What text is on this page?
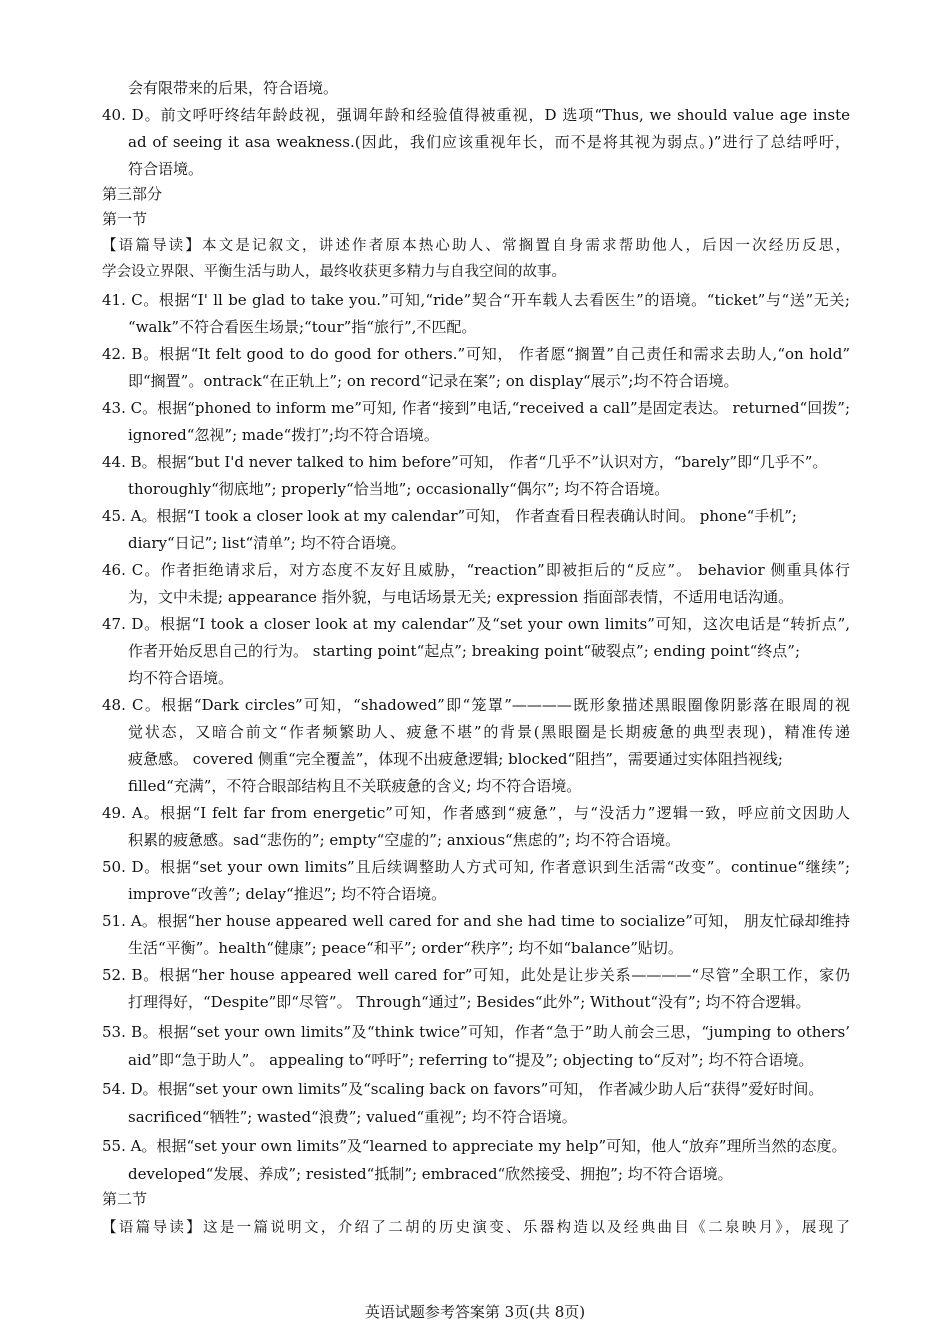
会有限带来的后果，符合语境。
40. D。前文呼吁终结年龄歧视，强调年龄和经验值得被重视，D 选项“Thus, we should value age inste
ad of seeing it asa weakness.(因此，我们应该重视年长，而不是将其视为弱点。)”进行了总结呼吁，
符合语境。
第三部分
第一节
【语篇导读】本文是记叙文，讲述作者原本热心助人、常搁置自身需求帮助他人，后因一次经历反思，
学会设立界限、平衡生活与助人，最终收获更多精力与自我空间的故事。
41. C。根据“I' ll be glad to take you.”可知,“ride”契合“开车载人去看医生”的语境。“ticket”与“送”无关;
“walk”不符合看医生场景;“tour”指“旅行”,不匹配。
42. B。根据“It felt good to do good for others.”可知， 作者愿“搁置”自己责任和需求去助人,“on hold”
即“搁置”。ontrack“在正轨上”; on record“记录在案”; on display“展示”;均不符合语境。
43. C。根据“phoned to inform me”可知, 作者“接到”电话,“received a call”是固定表达。 returned“回拨”;
ignored“忽视”; made“拨打”;均不符合语境。
44. B。根据“but I'd never talked to him before”可知， 作者“几乎不”认识对方，“barely”即“几乎不”。
thoroughly“彻底地”; properly“恰当地”; occasionally“偶尔”; 均不符合语境。
45. A。根据“I took a closer look at my calendar”可知， 作者查看日程表确认时间。 phone“手机”;
diary“日记”; list“清单”; 均不符合语境。
46. C。作者拒绝请求后，对方态度不友好且威胁，“reaction”即被拒后的“反应”。 behavior 侧重具体行
为，文中未提; appearance 指外貌，与电话场景无关; expression 指面部表情，不适用电话沟通。
47. D。根据“I took a closer look at my calendar”及“set your own limits”可知，这次电话是“转折点”,
作者开始反思自己的行为。 starting point“起点”; breaking point“破裂点”; ending point“终点”;
均不符合语境。
48. C。根据“Dark circles”可知，“shadowed”即“笼罩”————既形象描述黑眼圈像阴影落在眼周的视
觉状态，又暗合前文“作者频繁助人、疲惫不堪”的背景(黑眼圈是长期疲惫的典型表现)，精准传递
疲惫感。 covered 侧重“完全覆盖”，体现不出疲惫逻辑; blocked“阻挡”，需要通过实体阻挡视线;
filled“充满”，不符合眼部结构且不关联疲惫的含义; 均不符合语境。
49. A。根据“I felt far from energetic”可知，作者感到“疲惫”，与“没活力”逻辑一致，呼应前文因助人
积累的疲惫感。sad“悲伤的”; empty“空虚的”; anxious“焦虑的”; 均不符合语境。
50. D。根据“set your own limits”且后续调整助人方式可知, 作者意识到生活需“改变”。continue“继续”;
improve“改善”; delay“推迟”; 均不符合语境。
51. A。根据“her house appeared well cared for and she had time to socialize”可知， 朋友忙碌却维持
生活“平衡”。health“健康”; peace“和平”; order“秩序”; 均不如“balance”贴切。
52. B。根据“her house appeared well cared for”可知，此处是让步关系————“尽管”全职工作，家仍
打理得好，“Despite”即“尽管”。 Through“通过”; Besides“此外”; Without“没有”; 均不符合逻辑。
53. B。根据“set your own limits”及“think twice”可知，作者“急于”助人前会三思，“jumping to others’
aid”即“急于助人”。 appealing to“呼吁”; referring to“提及”; objecting to“反对”; 均不符合语境。
54. D。根据“set your own limits”及“scaling back on favors”可知， 作者减少助人后“获得”爱好时间。
sacrificed“牺牲”; wasted“浪费”; valued“重视”; 均不符合语境。
55. A。根据“set your own limits”及“learned to appreciate my help”可知，他人“放弃”理所当然的态度。
developed“发展、养成”; resisted“抵制”; embraced“欣然接受、拥抱”; 均不符合语境。
第二节
【语篇导读】这是一篇说明文，介绍了二胡的历史演变、乐器构造以及经典曲目《二泉映月》，展现了
英语试题参考答案第 3页(共 8页)
